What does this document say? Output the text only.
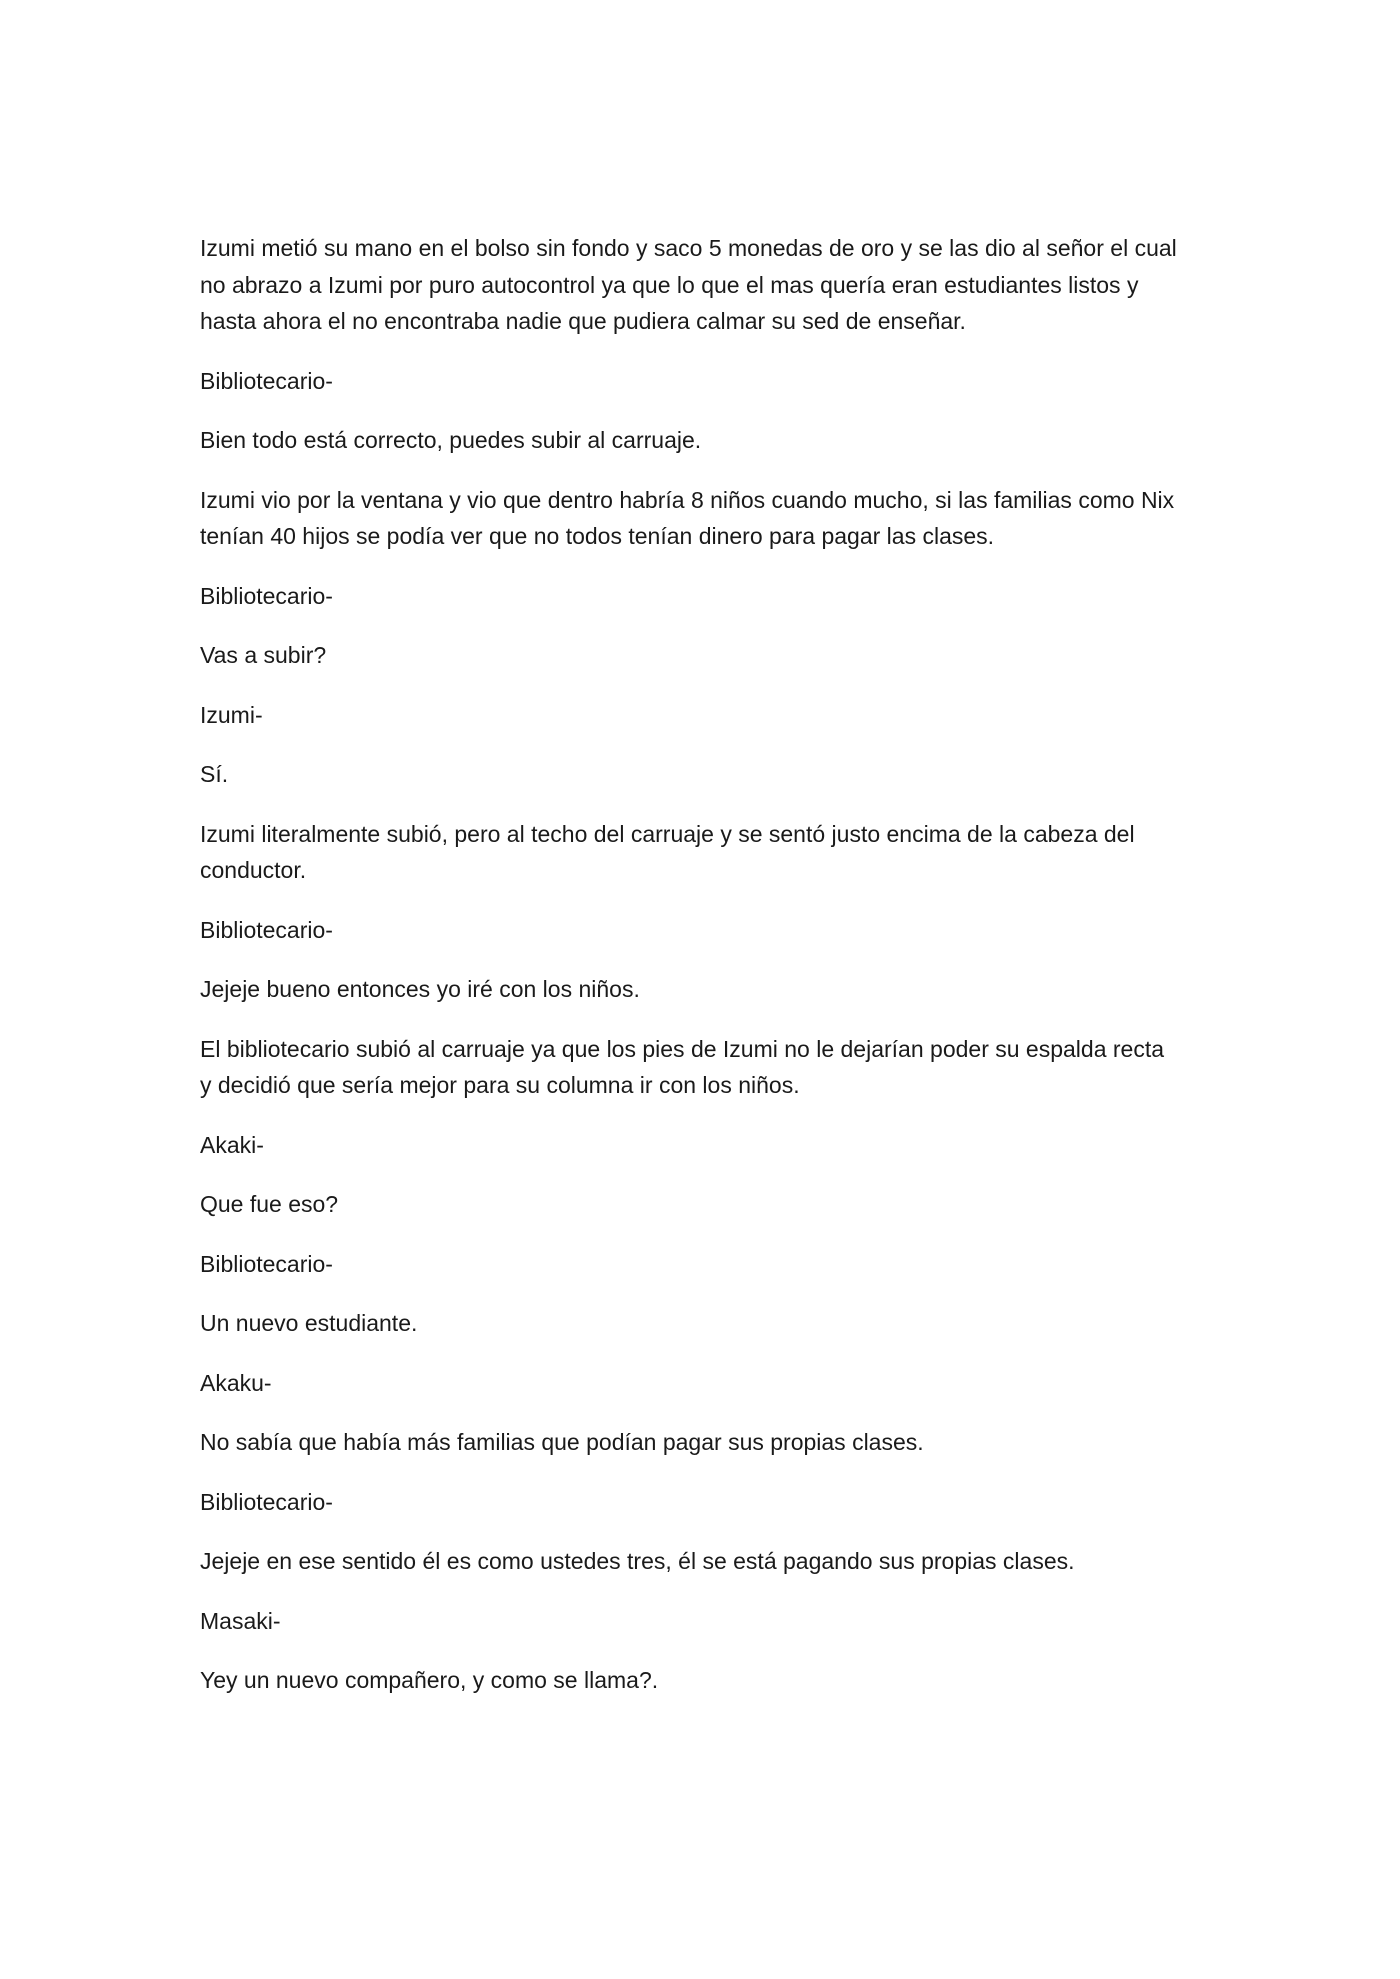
Izumi metió su mano en el bolso sin fondo y saco 5 monedas de oro y se las dio al señor el cual
no abrazo a Izumi por puro autocontrol ya que lo que el mas quería eran estudiantes listos y
hasta ahora el no encontraba nadie que pudiera calmar su sed de enseñar.

Bibliotecario-

Bien todo está correcto, puedes subir al carruaje.

Izumi vio por la ventana y vio que dentro habría 8 niños cuando mucho, si las familias como Nix
tenían 40 hijos se podía ver que no todos tenían dinero para pagar las clases.

Bibliotecario-

Vas a subir?

Izumi-

Sí.

Izumi literalmente subió, pero al techo del carruaje y se sentó justo encima de la cabeza del
conductor.

Bibliotecario-

Jejeje bueno entonces yo iré con los niños.

El bibliotecario subió al carruaje ya que los pies de Izumi no le dejarían poder su espalda recta
y decidió que sería mejor para su columna ir con los niños.

Akaki-

Que fue eso?

Bibliotecario-

Un nuevo estudiante.

Akaku-

No sabía que había más familias que podían pagar sus propias clases.

Bibliotecario-

Jejeje en ese sentido él es como ustedes tres, él se está pagando sus propias clases.

Masaki-

Yey un nuevo compañero, y como se llama?.
